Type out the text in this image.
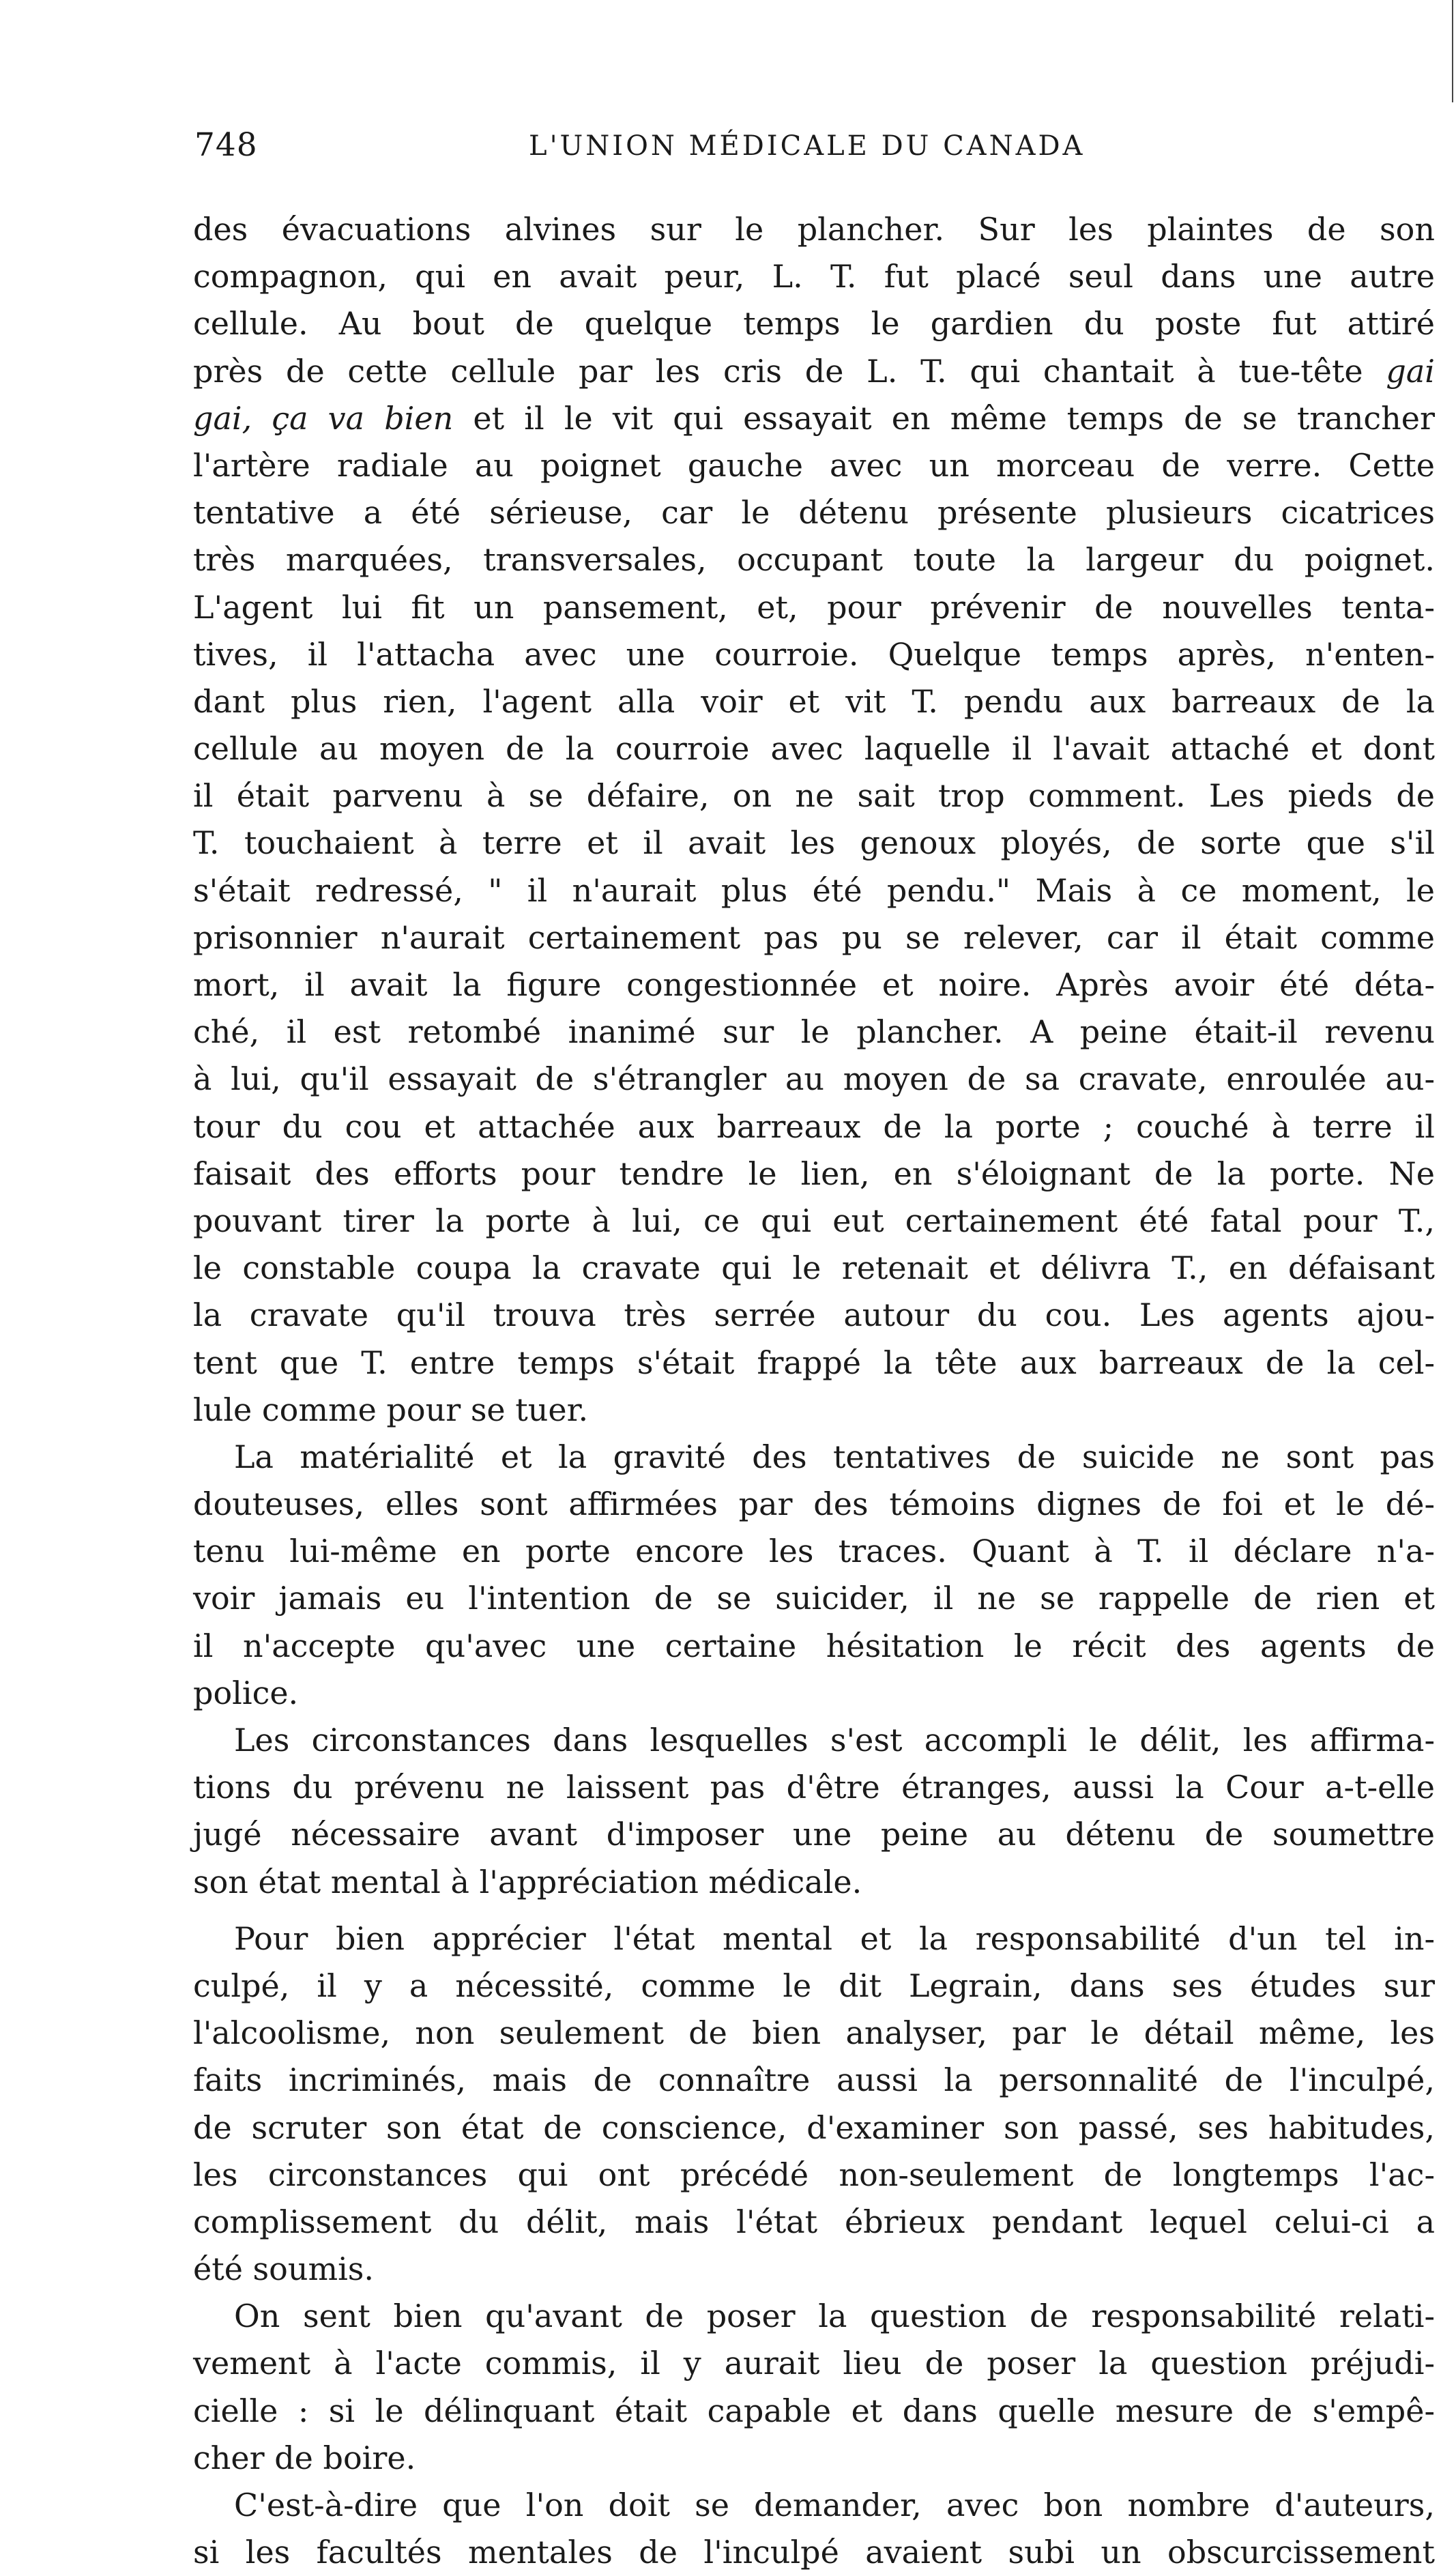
748	L'UNION MÉDICALE DU CANADA
des évacuations alvines sur le plancher. Sur les plaintes de son
compagnon, qui en avait peur, L. T. fut placé seul dans une autre
cellule. Au bout de quelque temps le gardien du poste fut attiré
près de cette cellule par les cris de L. T. qui chantait à tue-tête gai
gai, ça va bien et il le vit qui essayait en même temps de se trancher
l'artère radiale au poignet gauche avec un morceau de verre. Cette
tentative a été sérieuse, car le détenu présente plusieurs cicatrices
très marquées, transversales, occupant toute la largeur du poignet.
L'agent lui fit un pansement, et, pour prévenir de nouvelles tenta-
tives, il l'attacha avec une courroie. Quelque temps après, n'enten-
dant plus rien, l'agent alla voir et vit T. pendu aux barreaux de la
cellule au moyen de la courroie avec laquelle il l'avait attaché et dont
il était parvenu à se défaire, on ne sait trop comment. Les pieds de
T. touchaient à terre et il avait les genoux ployés, de sorte que s'il
s'était redressé, " il n'aurait plus été pendu." Mais à ce moment, le
prisonnier n'aurait certainement pas pu se relever, car il était comme
mort, il avait la figure congestionnée et noire. Après avoir été déta-
ché, il est retombé inanimé sur le plancher. A peine était-il revenu
à lui, qu'il essayait de s'étrangler au moyen de sa cravate, enroulée au-
tour du cou et attachée aux barreaux de la porte ; couché à terre il
faisait des efforts pour tendre le lien, en s'éloignant de la porte. Ne
pouvant tirer la porte à lui, ce qui eut certainement été fatal pour T.,
le constable coupa la cravate qui le retenait et délivra T., en défaisant
la cravate qu'il trouva très serrée autour du cou. Les agents ajou-
tent que T. entre temps s'était frappé la tête aux barreaux de la cel-
lule comme pour se tuer.
La matérialité et la gravité des tentatives de suicide ne sont pas
douteuses, elles sont affirmées par des témoins dignes de foi et le dé-
tenu lui-même en porte encore les traces. Quant à T. il déclare n'a-
voir jamais eu l'intention de se suicider, il ne se rappelle de rien et
il n'accepte qu'avec une certaine hésitation le récit des agents de
police.
Les circonstances dans lesquelles s'est accompli le délit, les affirma-
tions du prévenu ne laissent pas d'être étranges, aussi la Cour a-t-elle
jugé nécessaire avant d'imposer une peine au détenu de soumettre
son état mental à l'appréciation médicale.
Pour bien apprécier l'état mental et la responsabilité d'un tel in-
culpé, il y a nécessité, comme le dit Legrain, dans ses études sur
l'alcoolisme, non seulement de bien analyser, par le détail même, les
faits incriminés, mais de connaître aussi la personnalité de l'inculpé,
de scruter son état de conscience, d'examiner son passé, ses habitudes,
les circonstances qui ont précédé non-seulement de longtemps l'ac-
complissement du délit, mais l'état ébrieux pendant lequel celui-ci a
été soumis.
On sent bien qu'avant de poser la question de responsabilité relati-
vement à l'acte commis, il y aurait lieu de poser la question préjudi-
cielle : si le délinquant était capable et dans quelle mesure de s'empê-
cher de boire.
C'est-à-dire que l'on doit se demander, avec bon nombre d'auteurs,
si les facultés mentales de l'inculpé avaient subi un obscurcissement
